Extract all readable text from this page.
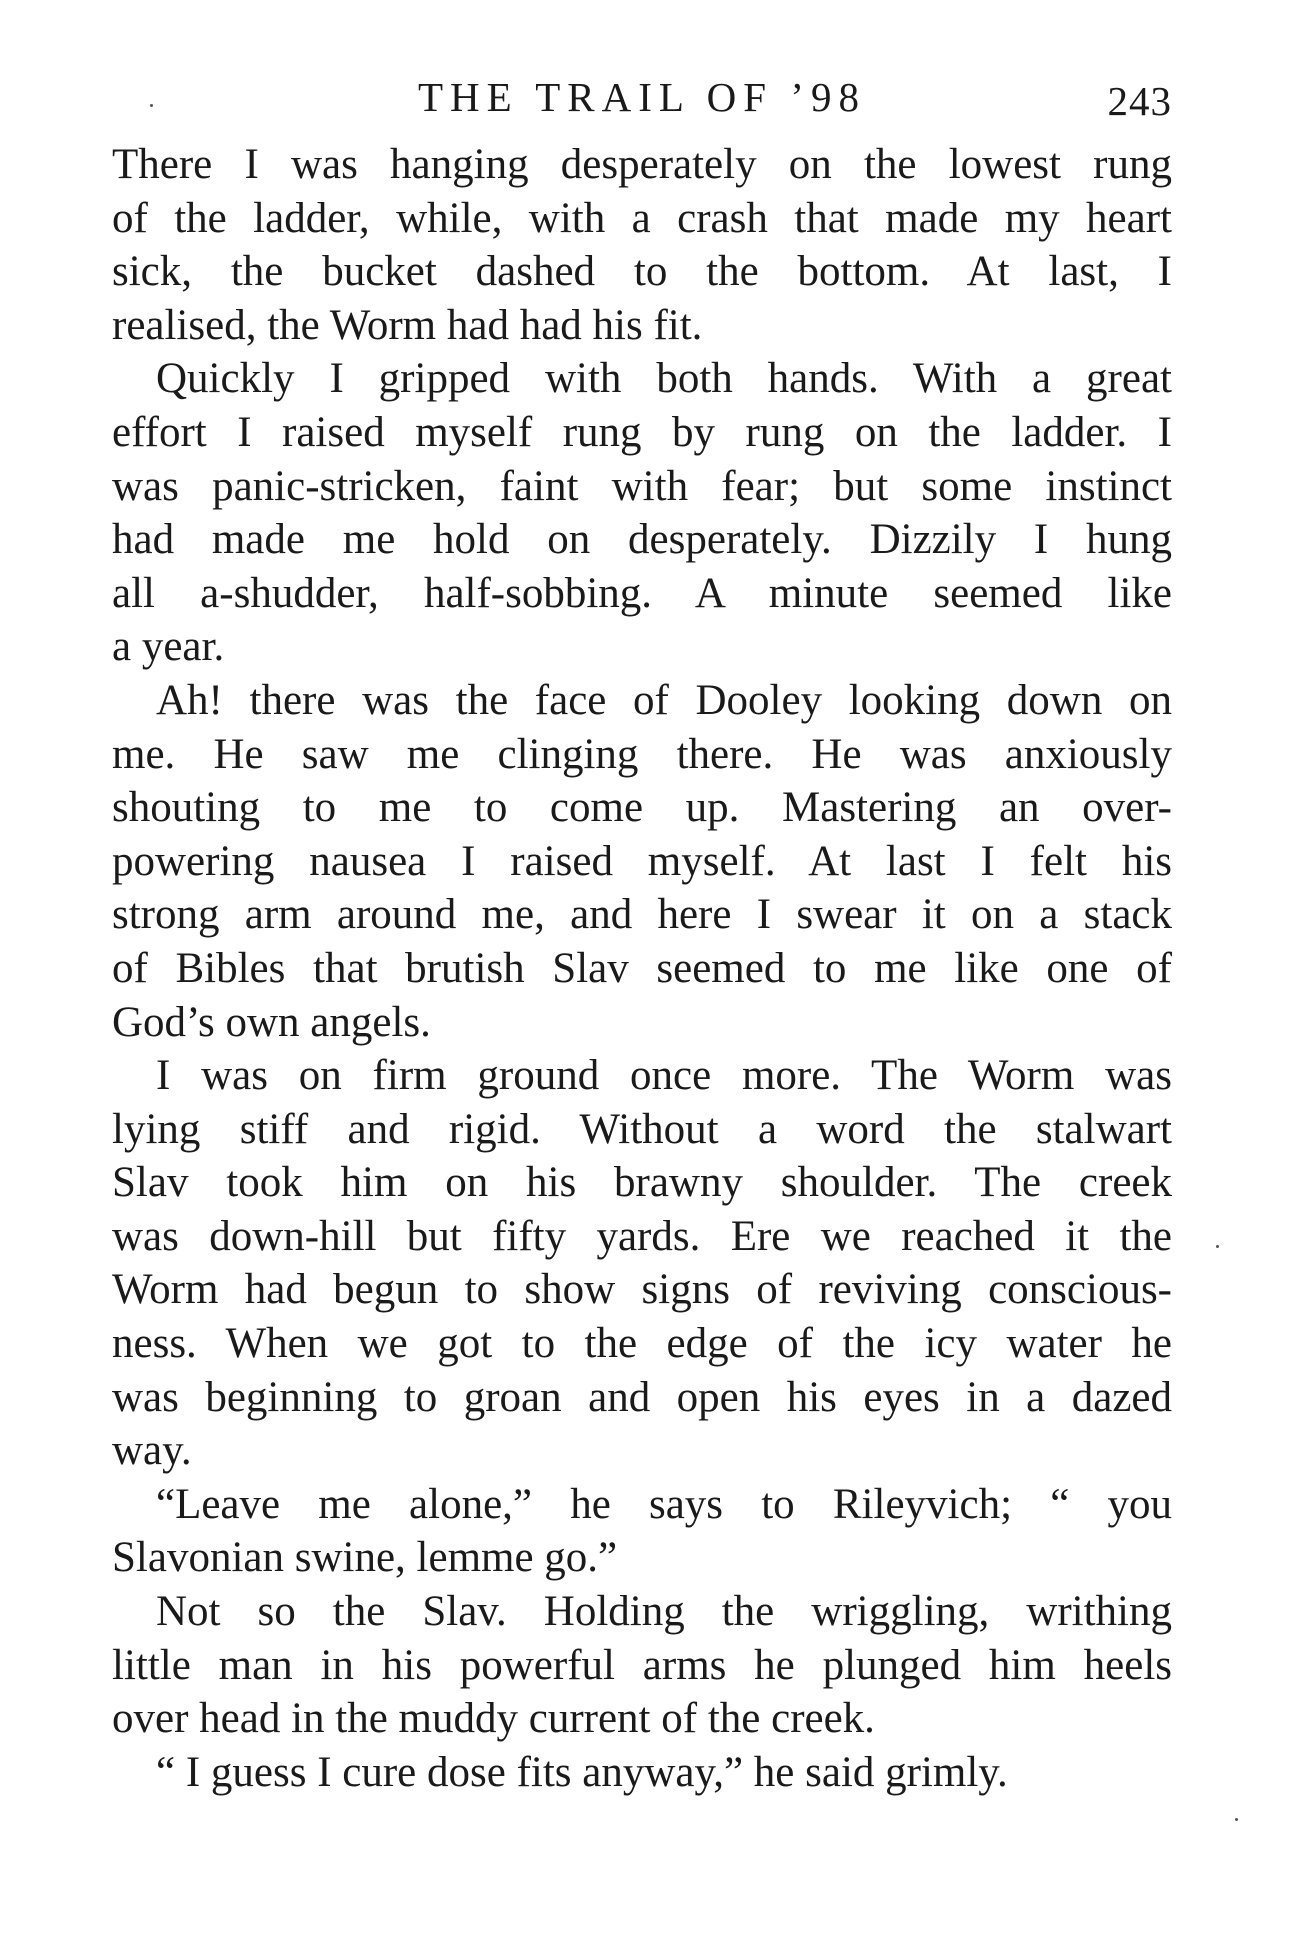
THE TRAIL OF ’98	243
There I was hanging desperately on the lowest rung
of the ladder, while, with a crash that made my heart
sick, the bucket dashed to the bottom. At last, I
realised, the Worm had had his fit.
Quickly I gripped with both hands. With a great
effort I raised myself rung by rung on the ladder. I
was panic-stricken, faint with fear; but some instinct
had made me hold on desperately. Dizzily I hung
all a-shudder, half-sobbing. A minute seemed like
a year.
Ah! there was the face of Dooley looking down on
me. He saw me clinging there. He was anxiously
shouting to me to come up. Mastering an over-
powering nausea I raised myself. At last I felt his
strong arm around me, and here I swear it on a stack
of Bibles that brutish Slav seemed to me like one of
God’s own angels.
I was on firm ground once more. The Worm was
lying stiff and rigid. Without a word the stalwart
Slav took him on his brawny shoulder. The creek
was down-hill but fifty yards. Ere we reached it the
Worm had begun to show signs of reviving conscious-
ness. When we got to the edge of the icy water he
was beginning to groan and open his eyes in a dazed
way.
“Leave me alone,” he says to Rileyvich; “ you
Slavonian swine, lemme go.”
Not so the Slav. Holding the wriggling, writhing
little man in his powerful arms he plunged him heels
over head in the muddy current of the creek.
“ I guess I cure dose fits anyway,” he said grimly.
